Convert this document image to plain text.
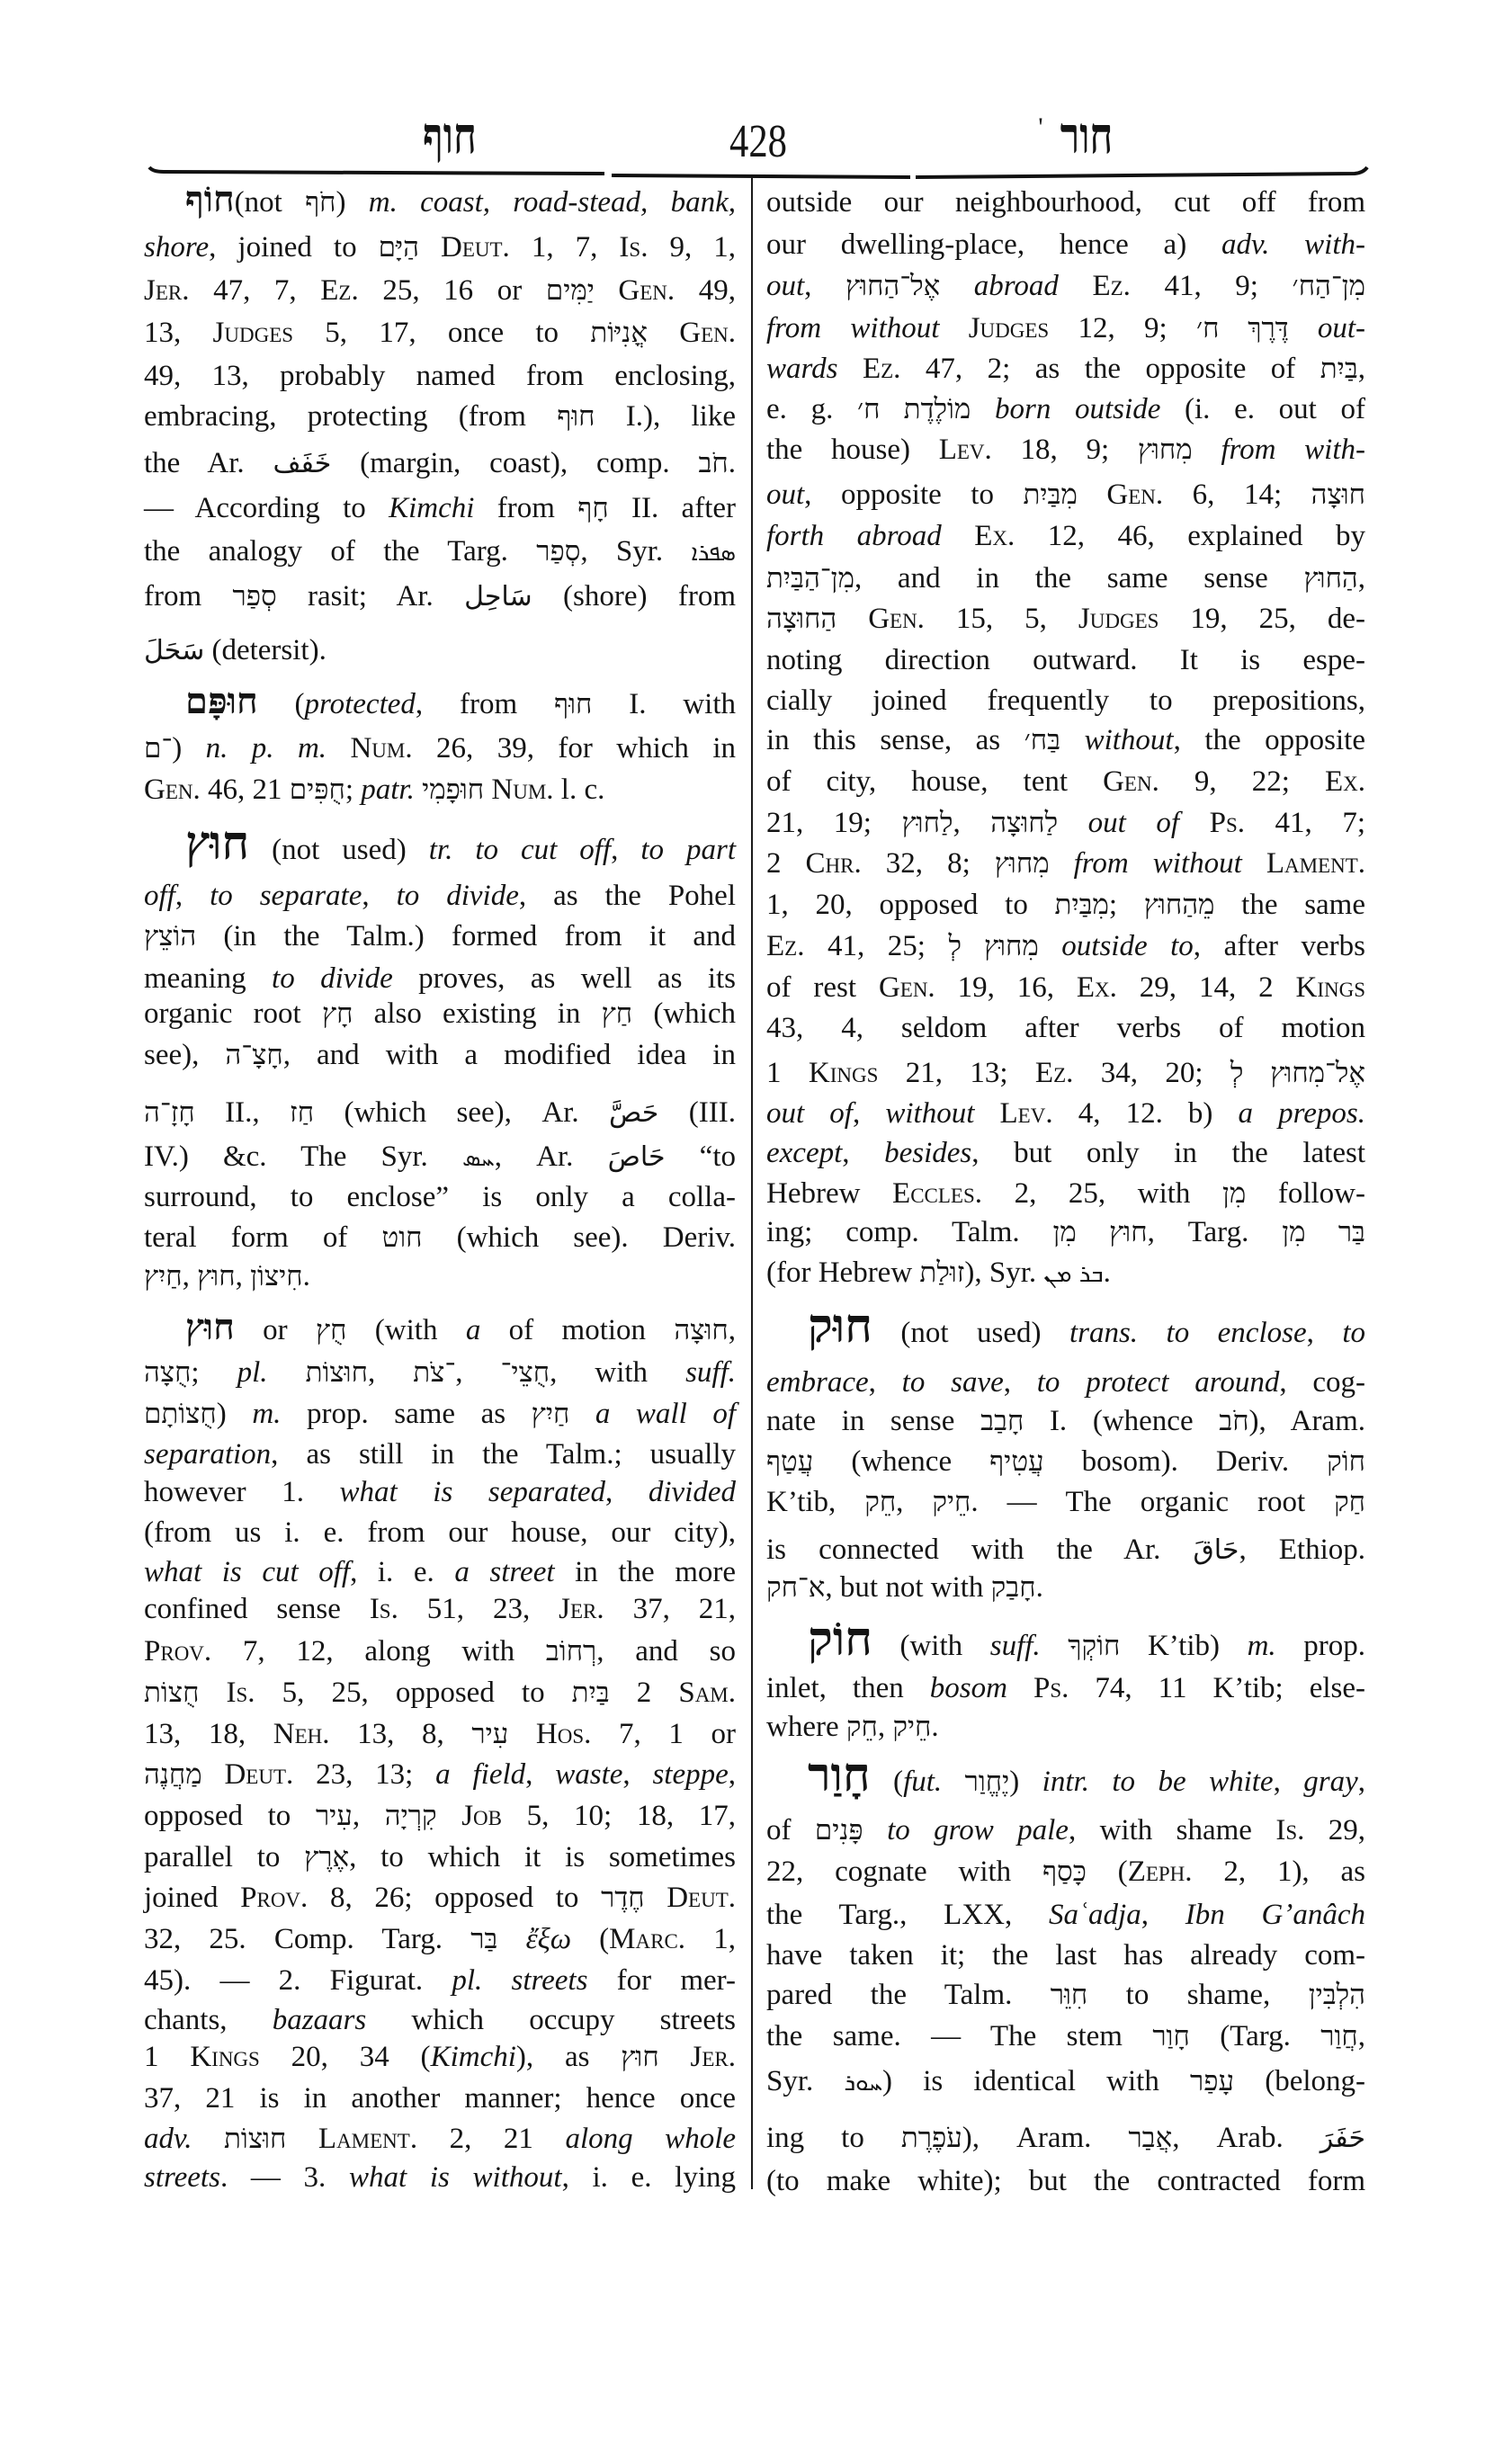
חוף	428	' חור
חוֹף(not חֹף) m. coast, road-stead, bank,
shore, joined to הַיָּם Deut. 1, 7, Is. 9, 1,
Jer. 47, 7, Ez. 25, 16 or יַמִּים Gen. 49,
13, Judges 5, 17, once to אֳנִיּוֹת Gen.
49, 13, probably named from enclosing,
embracing, protecting (from חוּף I.), like
the Ar. خَفَف (margin, coast), comp. חֹב.
— According to Kimchi from חָף II. after
the analogy of the Targ. סְפַר, Syr. ܣܦܪܐ
from סְפַר rasit; Ar. سَاحِل (shore) from
سَحَلَ (detersit).
חוּפָּם (protected, from חוּף I. with
־ם) n. p. m. Num. 26, 39, for which in
Gen. 46, 21 חֻפִּים; patr. חוּפָמִי Num. l. c.
חוּץ (not used) tr. to cut off, to part
off, to separate, to divide, as the Pohel
הוֹצֵץ (in the Talm.) formed from it and
meaning to divide proves, as well as its
organic root חָץ also existing in חַץ (which
see), חָצָ־ה, and with a modified idea in
חָזָ־ה II., חַז (which see), Ar. حَصَّ (III.
IV.) &c. The Syr. ܚܣ, Ar. حَاصَ “to
surround, to enclose” is only a colla-
teral form of חוט (which see). Deriv.
חַיִץ, חוּץ, חִיצוֹן.
חוּץ or חֻץ (with a of motion חוּצָה,
חֻצָה; pl. חוּצוֹת, ־צֹת, חֻצֵי־, with suff.
חֻצוֹתָם) m. prop. same as חַיִץ a wall of
separation, as still in the Talm.; usually
however 1. what is separated, divided
(from us i. e. from our house, our city),
what is cut off, i. e. a street in the more
confined sense Is. 51, 23, Jer. 37, 21,
Prov. 7, 12, along with רְחוֹב, and so
חֻצוֹת Is. 5, 25, opposed to בַּיִת 2 Sam.
13, 18, Neh. 13, 8, עִיר Hos. 7, 1 or
מַחֲנֶה Deut. 23, 13; a field, waste, steppe,
opposed to עִיר, קִרְיָה Job 5, 10; 18, 17,
parallel to אֶרֶץ, to which it is sometimes
joined Prov. 8, 26; opposed to חֶדֶר Deut.
32, 25. Comp. Targ. בַּר ἔξω (Marc. 1,
45). — 2. Figurat. pl. streets for mer-
chants, bazaars which occupy streets
1 Kings 20, 34 (Kimchi), as חוּץ Jer.
37, 21 is in another manner; hence once
adv. חוּצוֹת Lament. 2, 21 along whole
streets. — 3. what is without, i. e. lying
outside our neighbourhood, cut off from
our dwelling-place, hence a) adv. with-
out, אֶל־הַחוּץ abroad Ez. 41, 9; מִן־הַח׳
from without Judges 12, 9; דֶּרֶךְ ח׳ out-
wards Ez. 47, 2; as the opposite of בַּיִת,
e. g. מוֹלֶדֶת ח׳ born outside (i. e. out of
the house) Lev. 18, 9; מִחוּץ from with-
out, opposite to מִבַּיִת Gen. 6, 14; חוּצָה
forth abroad Ex. 12, 46, explained by
מִן־הַבַּיִת, and in the same sense הַחוּץ,
הַחוּצָה Gen. 15, 5, Judges 19, 25, de-
noting direction outward. It is espe-
cially joined frequently to prepositions,
in this sense, as בַּח׳ without, the opposite
of city, house, tent Gen. 9, 22; Ex.
21, 19; לַחוּץ, לַחוּצָה out of Ps. 41, 7;
2 Chr. 32, 8; מִחוּץ from without Lament.
1, 20, opposed to מִבַּיִת; מֵהַחוּץ the same
Ez. 41, 25; מִחוּץ לְ outside to, after verbs
of rest Gen. 19, 16, Ex. 29, 14, 2 Kings
43, 4, seldom after verbs of motion
1 Kings 21, 13; Ez. 34, 20; אֶל־מִחוּץ לְ
out of, without Lev. 4, 12. b) a prepos.
except, besides, but only in the latest
Hebrew Eccles. 2, 25, with מִן follow-
ing; comp. Talm. חוּץ מִן, Targ. בַּר מִן
(for Hebrew זוּלַת), Syr. ܒܪ ܡܢ.
חוּק (not used) trans. to enclose, to
embrace, to save, to protect around, cog-
nate in sense חָבַב I. (whence חֹב), Aram.
עֲטַף (whence עֲטִיף bosom). Deriv. חוֹק
K’tib, חֵק, חֵיק. — The organic root חַק
is connected with the Ar. حَاقَ, Ethiop.
א־חק, but not with חָבַק.
חוֹק (with suff. חוֹקְךָ K’tib) m. prop.
inlet, then bosom Ps. 74, 11 K’tib; else-
where חֵק, חֵיק.
חָוַר (fut. יֶחֱוַר) intr. to be white, gray,
of פָּנִים to grow pale, with shame Is. 29,
22, cognate with כָּסַף (Zeph. 2, 1), as
the Targ., LXX, Saʿadja, Ibn Gʼanâch
have taken it; the last has already com-
pared the Talm. חִוֵּר to shame, הִלְבִּין
the same. — The stem חָוַר (Targ. חֲוַר,
Syr. ܚܘܪ) is identical with עָפַר (belong-
ing to עֹפֶרֶת), Aram. אֲבַר, Arab. حَفَرَ
(to make white); but the contracted form
